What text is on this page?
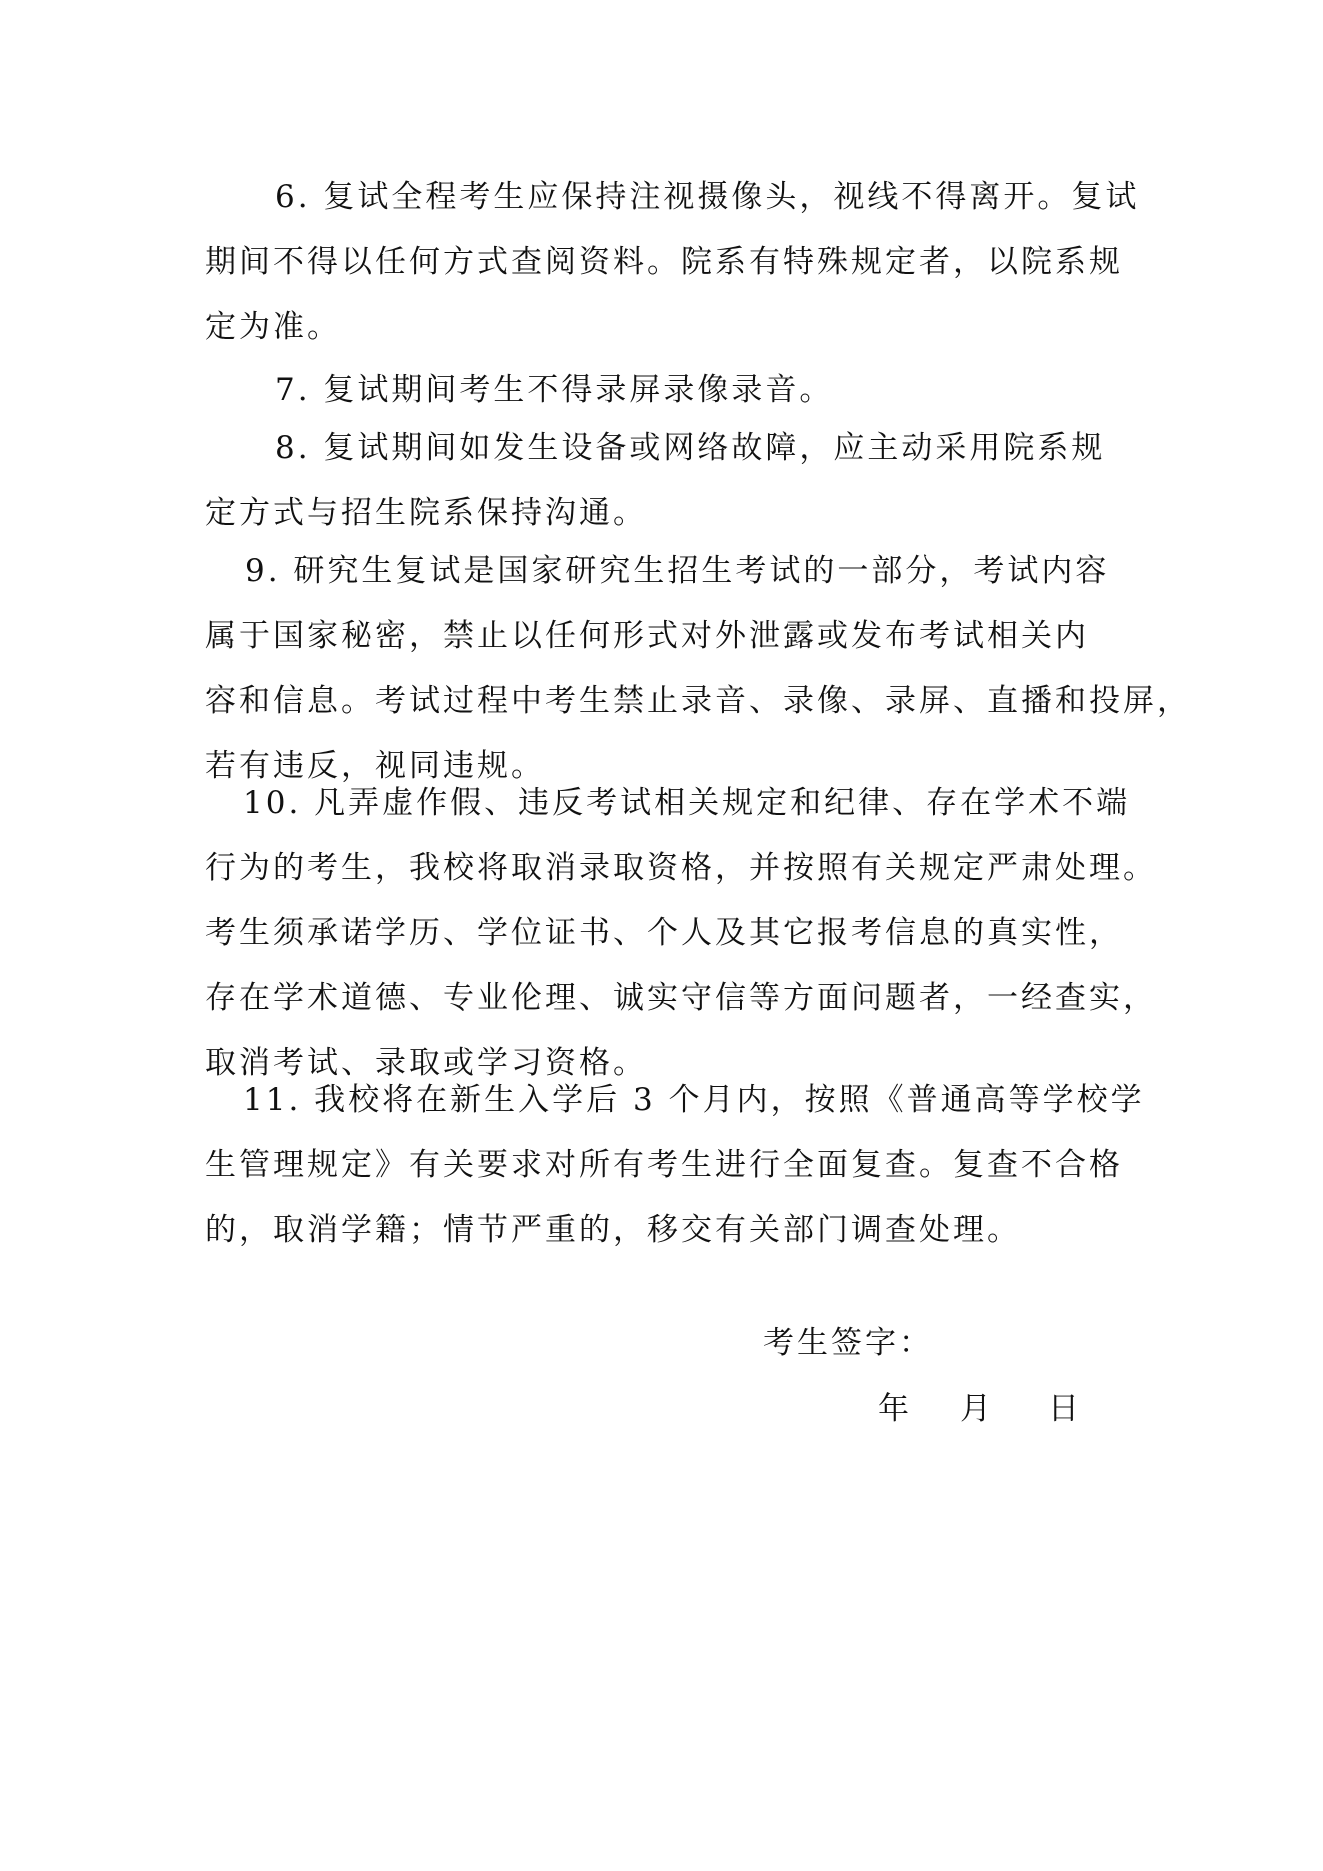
6. 复试全程考生应保持注视摄像头，视线不得离开。复试
期间不得以任何方式查阅资料。院系有特殊规定者，以院系规
定为准。
7. 复试期间考生不得录屏录像录音。
8. 复试期间如发生设备或网络故障，应主动采用院系规
定方式与招生院系保持沟通。
9. 研究生复试是国家研究生招生考试的一部分，考试内容
属于国家秘密，禁止以任何形式对外泄露或发布考试相关内
容和信息。考试过程中考生禁止录音、录像、录屏、直播和投屏，
若有违反，视同违规。
10. 凡弄虚作假、违反考试相关规定和纪律、存在学术不端
行为的考生，我校将取消录取资格，并按照有关规定严肃处理。
考生须承诺学历、学位证书、个人及其它报考信息的真实性，
存在学术道德、专业伦理、诚实守信等方面问题者，一经查实，
取消考试、录取或学习资格。
11. 我校将在新生入学后 3 个月内，按照《普通高等学校学
生管理规定》有关要求对所有考生进行全面复查。复查不合格
的，取消学籍；情节严重的，移交有关部门调查处理。

考生签字：

年 月 日
